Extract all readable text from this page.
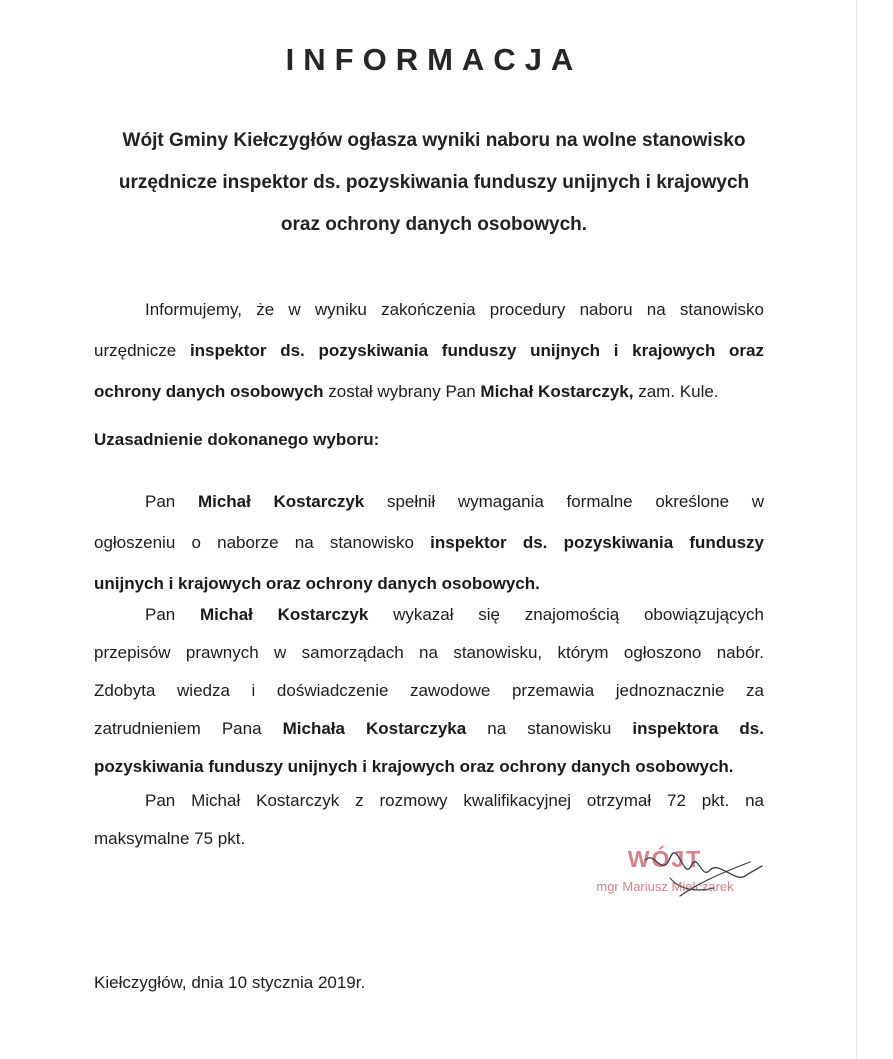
INFORMACJA
Wójt Gminy Kiełczygłów ogłasza wyniki naboru na wolne stanowisko
urzędnicze inspektor ds. pozyskiwania funduszy unijnych i krajowych
oraz ochrony danych osobowych.
Informujemy, że w wyniku zakończenia procedury naboru na stanowisko
urzędnicze inspektor ds. pozyskiwania funduszy unijnych i krajowych oraz
ochrony danych osobowych został wybrany Pan Michał Kostarczyk, zam. Kule.
Uzasadnienie dokonanego wyboru:
Pan Michał Kostarczyk spełnił wymagania formalne określone w
ogłoszeniu o naborze na stanowisko inspektor ds. pozyskiwania funduszy
unijnych i krajowych oraz ochrony danych osobowych.
Pan Michał Kostarczyk wykazał się znajomością obowiązujących
przepisów prawnych w samorządach na stanowisku, którym ogłoszono nabór.
Zdobyta wiedza i doświadczenie zawodowe przemawia jednoznacznie za
zatrudnieniem Pana Michała Kostarczyka na stanowisku inspektora ds.
pozyskiwania funduszy unijnych i krajowych oraz ochrony danych osobowych.
Pan Michał Kostarczyk z rozmowy kwalifikacyjnej otrzymał 72 pkt. na
maksymalne 75 pkt.
WÓJT
mgr Mariusz Mielczarek
Kiełczygłów, dnia 10 stycznia 2019r.
